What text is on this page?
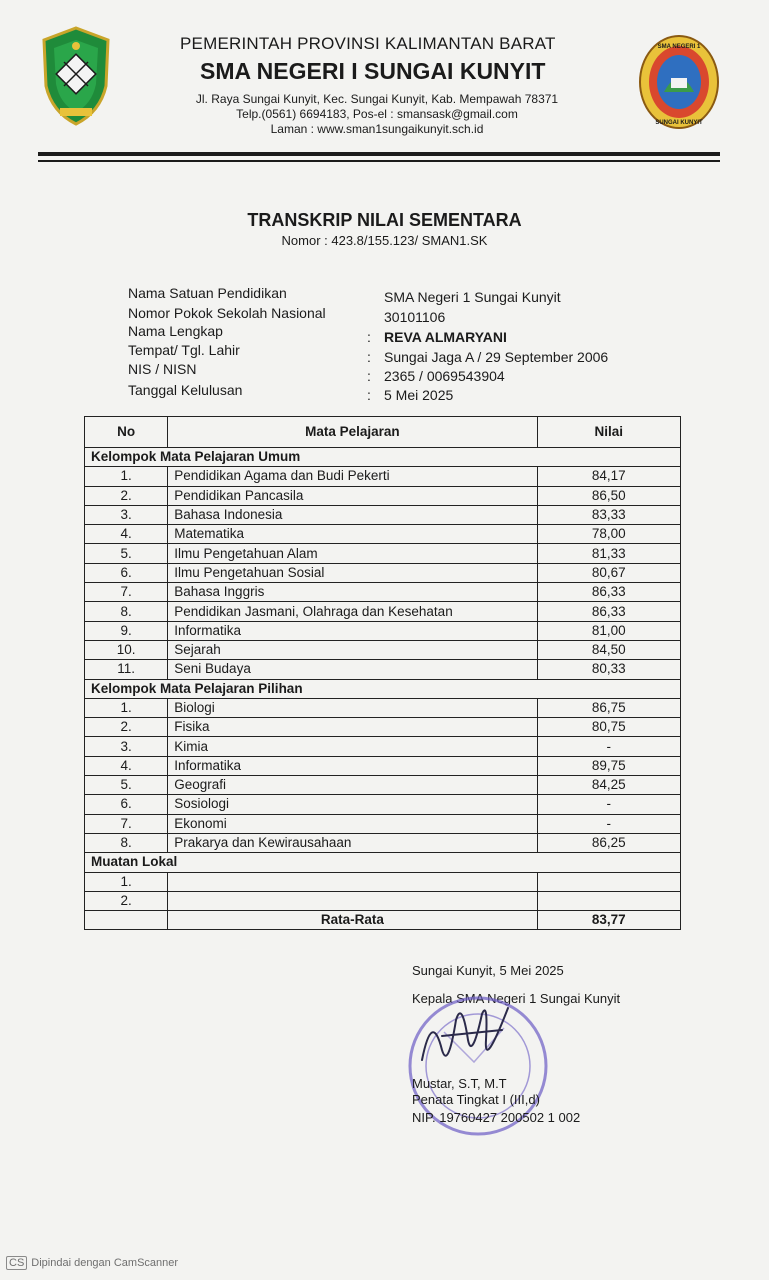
SMA NEGERI 1
SUNGAI KUNYIT
PEMERINTAH PROVINSI KALIMANTAN BARAT
SMA NEGERI I SUNGAI KUNYIT
Jl. Raya Sungai Kunyit, Kec. Sungai Kunyit, Kab. Mempawah 78371
Telp.(0561) 6694183, Pos-el : smansask@gmail.com
Laman : www.sman1sungaikunyit.sch.id
TRANSKRIP NILAI SEMENTARA
Nomor : 423.8/155.123/ SMAN1.SK
Nama Satuan Pendidikan	SMA Negeri 1 Sungai Kunyit
Nomor Pokok Sekolah Nasional	30101106
Nama Lengkap	: REVA ALMARYANI
Tempat/ Tgl. Lahir	: Sungai Jaga A / 29 September 2006
NIS / NISN	: 2365 / 0069543904
Tanggal Kelulusan	: 5 Mei 2025
No	Mata Pelajaran	Nilai
Kelompok Mata Pelajaran Umum		
1.	Pendidikan Agama dan Budi Pekerti	84,17
2.	Pendidikan Pancasila	86,50
3.	Bahasa Indonesia	83,33
4.	Matematika	78,00
5.	Ilmu Pengetahuan Alam	81,33
6.	Ilmu Pengetahuan Sosial	80,67
7.	Bahasa Inggris	86,33
8.	Pendidikan Jasmani, Olahraga dan Kesehatan	86,33
9.	Informatika	81,00
10.	Sejarah	84,50
11.	Seni Budaya	80,33
Kelompok Mata Pelajaran Pilihan		
1.	Biologi	86,75
2.	Fisika	80,75
3.	Kimia	-
4.	Informatika	89,75
5.	Geografi	84,25
6.	Sosiologi	-
7.	Ekonomi	-
8.	Prakarya dan Kewirausahaan	86,25
Muatan Lokal		
1.		
2.		
	Rata-Rata	83,77
Sungai Kunyit, 5 Mei 2025
Kepala SMA Negeri 1 Sungai Kunyit
Mustar, S.T, M.T
Penata Tingkat I (III,d)
NIP. 19760427 200502 1 002
CS Dipindai dengan CamScanner
